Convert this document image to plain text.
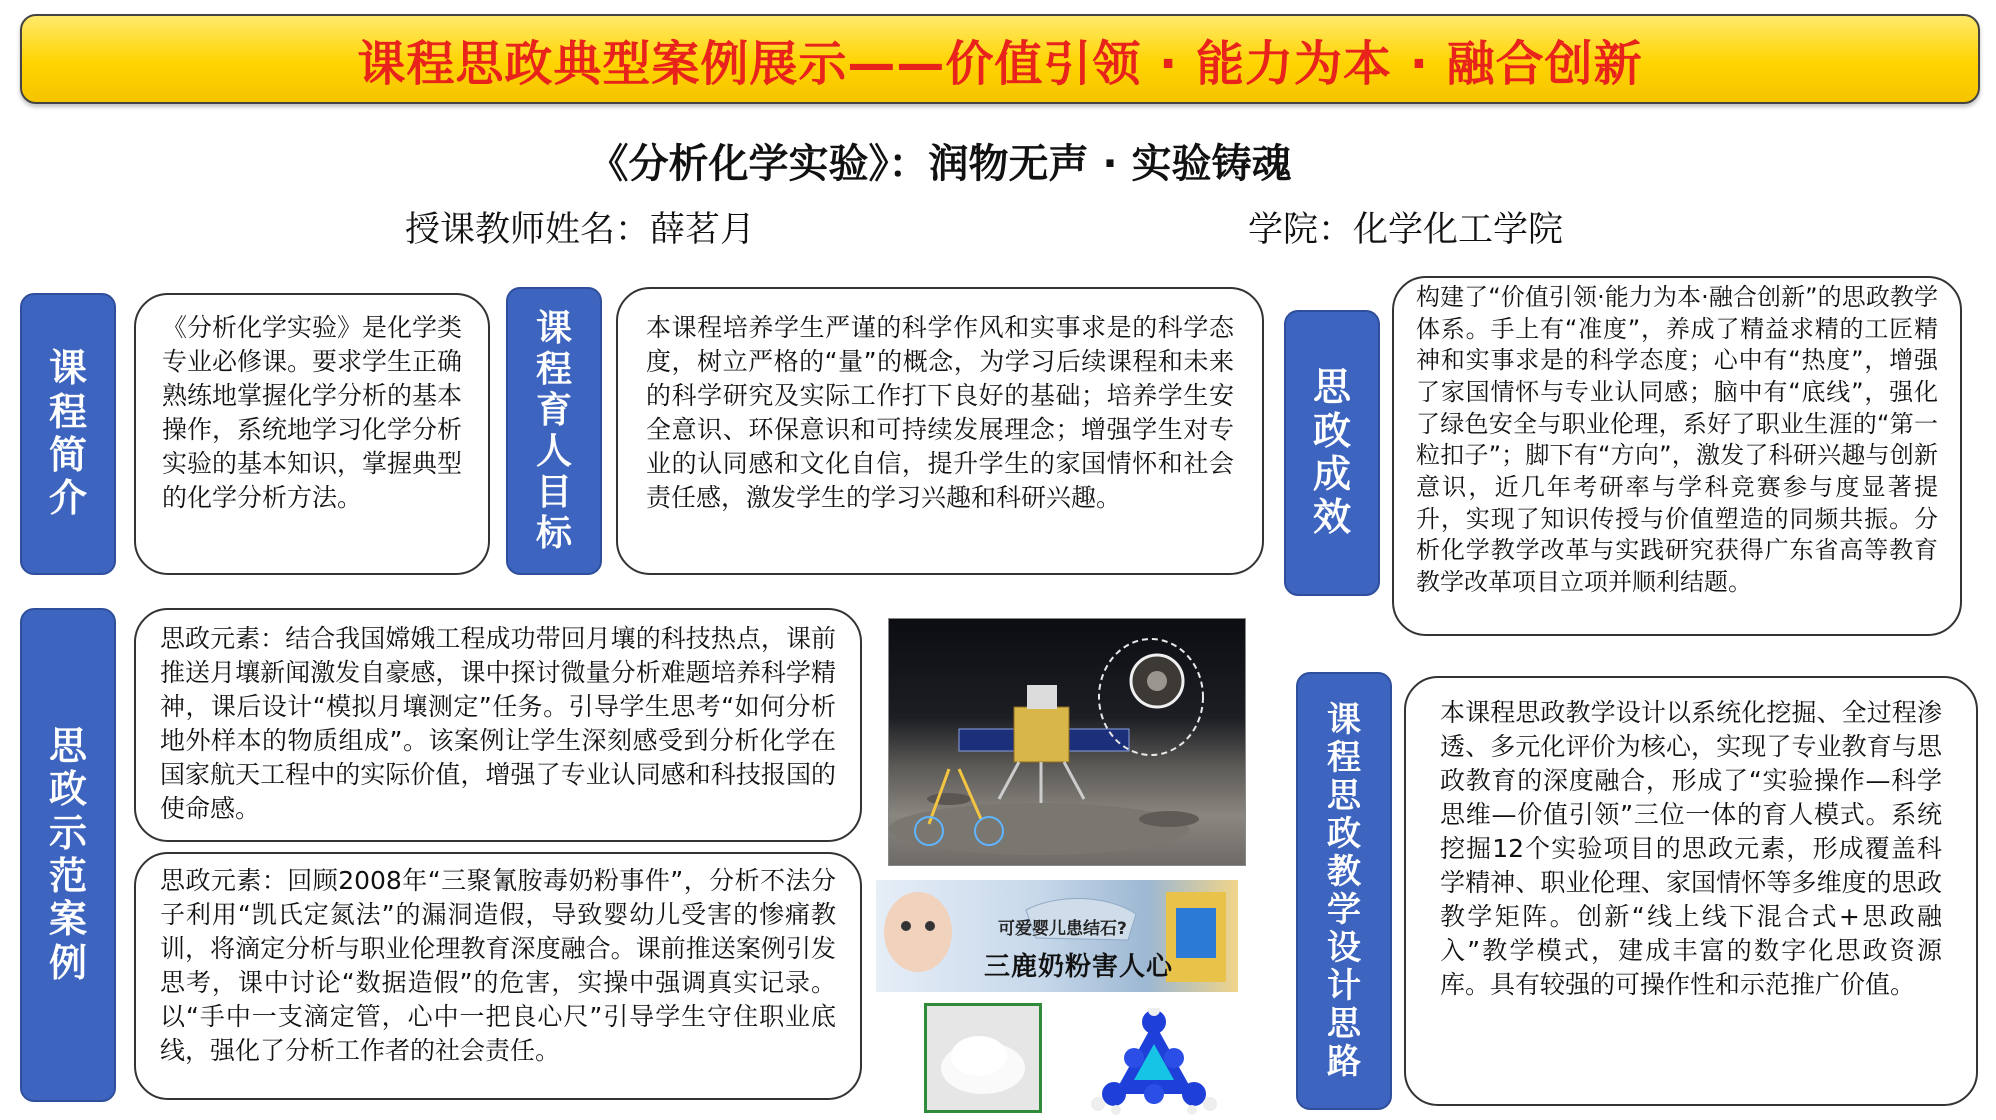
课程思政典型案例展示——价值引领 · 能力为本 · 融合创新
《分析化学实验》：润物无声 · 实验铸魂
授课教师姓名：薛茗月	学院：化学化工学院
课程简介
《分析化学实验》是化学类专业必修课。要求学生正确熟练地掌握化学分析的基本操作，系统地学习化学分析实验的基本知识，掌握典型的化学分析方法。
课程育人目标
本课程培养学生严谨的科学作风和实事求是的科学态度，树立严格的“量”的概念，为学习后续课程和未来的科学研究及实际工作打下良好的基础；培养学生安全意识、环保意识和可持续发展理念；增强学生对专业的认同感和文化自信，提升学生的家国情怀和社会责任感，激发学生的学习兴趣和科研兴趣。
思政成效
构建了“价值引领·能力为本·融合创新”的思政教学体系。手上有“准度”，养成了精益求精的工匠精神和实事求是的科学态度；心中有“热度”，增强了家国情怀与专业认同感；脑中有“底线”，强化了绿色安全与职业伦理，系好了职业生涯的“第一粒扣子”；脚下有“方向”，激发了科研兴趣与创新意识，近几年考研率与学科竞赛参与度显著提升，实现了知识传授与价值塑造的同频共振。分析化学教学改革与实践研究获得广东省高等教育教学改革项目立项并顺利结题。
思政示范案例
思政元素：结合我国嫦娥工程成功带回月壤的科技热点，课前推送月壤新闻激发自豪感，课中探讨微量分析难题培养科学精神，课后设计“模拟月壤测定”任务。引导学生思考“如何分析地外样本的物质组成”。该案例让学生深刻感受到分析化学在国家航天工程中的实际价值，增强了专业认同感和科技报国的使命感。
思政元素：回顾2008年“三聚氰胺毒奶粉事件”，分析不法分子利用“凯氏定氮法”的漏洞造假，导致婴幼儿受害的惨痛教训，将滴定分析与职业伦理教育深度融合。课前推送案例引发思考，课中讨论“数据造假”的危害，实操中强调真实记录。以“手中一支滴定管，心中一把良心尺”引导学生守住职业底线，强化了分析工作者的社会责任。
课程思政教学设计思路
本课程思政教学设计以系统化挖掘、全过程渗透、多元化评价为核心，实现了专业教育与思政教育的深度融合，形成了“实验操作—科学思维—价值引领”三位一体的育人模式。系统挖掘12个实验项目的思政元素，形成覆盖科学精神、职业伦理、家国情怀等多维度的思政教学矩阵。创新“线上线下混合式+思政融入”教学模式，建成丰富的数字化思政资源库。具有较强的可操作性和示范推广价值。
可爱婴儿患结石?
三鹿奶粉害人心
